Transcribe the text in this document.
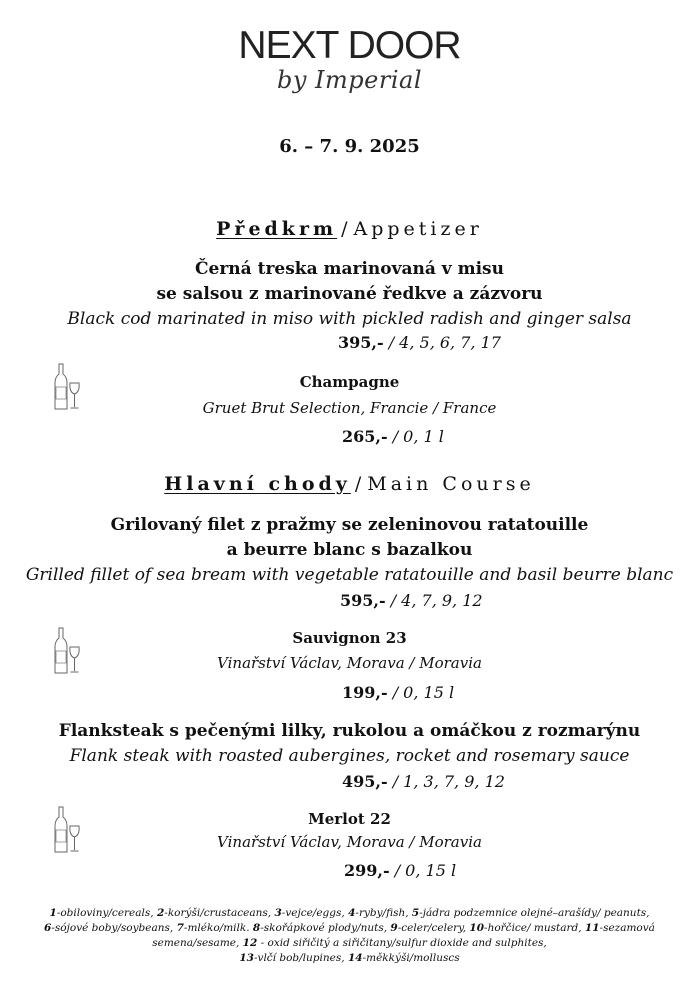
NEXT DOOR
by Imperial
6. – 7. 9. 2025
Předkrm / Appetizer
Černá treska marinovaná v misu
se salsou z marinované ředkve a zázvoru
Black cod marinated in miso with pickled radish and ginger salsa
395,- / 4, 5, 6, 7, 17
Champagne
Gruet Brut Selection, Francie / France
265,- / 0, 1 l
Hlavní chody / Main Course
Grilovaný filet z pražmy se zeleninovou ratatouille
a beurre blanc s bazalkou
Grilled fillet of sea bream with vegetable ratatouille and basil beurre blanc
595,- / 4, 7, 9, 12
Sauvignon 23
Vinařství Václav, Morava / Moravia
199,- / 0, 15 l
Flanksteak s pečenými lilky, rukolou a omáčkou z rozmarýnu
Flank steak with roasted aubergines, rocket and rosemary sauce
495,- / 1, 3, 7, 9, 12
Merlot 22
Vinařství Václav, Morava / Moravia
299,- / 0, 15 l
1-obiloviny/cereals, 2-korýši/crustaceans, 3-vejce/eggs, 4-ryby/fish, 5-jádra podzemnice olejné–arašídy/ peanuts,
6-sójové boby/soybeans, 7-mléko/milk. 8-skořápkové plody/nuts, 9-celer/celery, 10-hořčice/ mustard, 11-sezamová semena/sesame, 12 - oxid siřičitý a siřičitany/sulfur dioxide and sulphites,
13-vlčí bob/lupines, 14-měkkýši/molluscs
